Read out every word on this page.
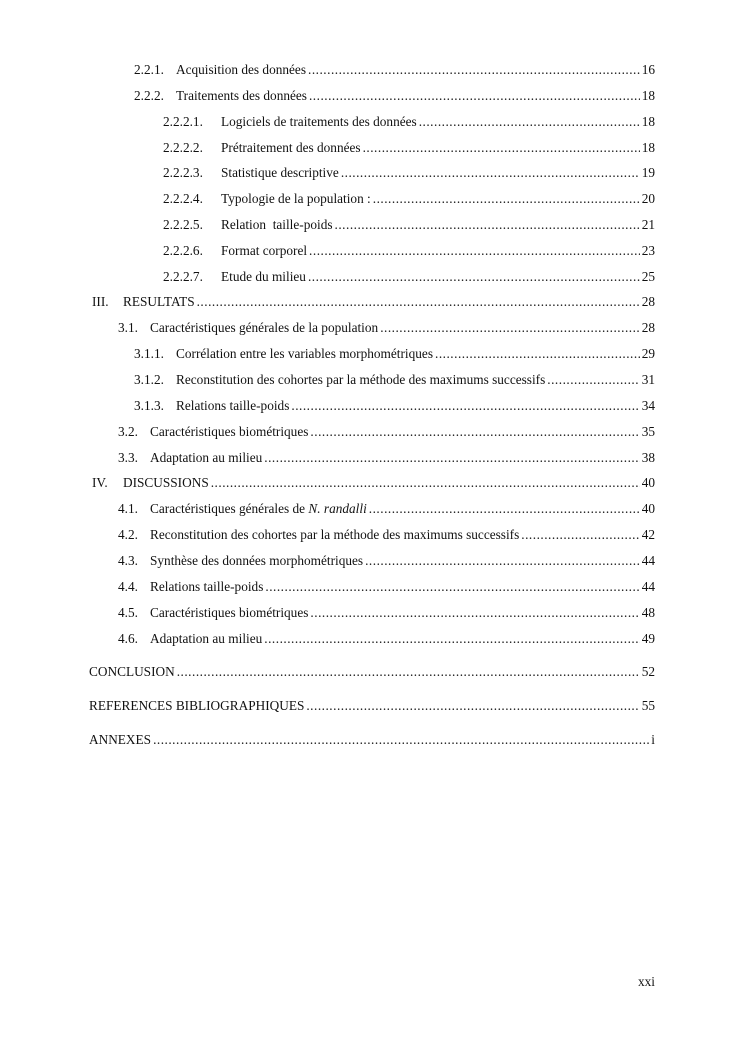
2.2.1. Acquisition des données .....	16
2.2.2. Traitements des données .....	18
2.2.2.1.	Logiciels de traitements des données .....	18
2.2.2.2.	Prétraitement des données .....	18
2.2.2.3.	Statistique descriptive .....	19
2.2.2.4.	Typologie de la population : .....	20
2.2.2.5.	Relation  taille-poids .....	21
2.2.2.6.	Format corporel .....	23
2.2.2.7.	Etude du milieu .....	25
III.	RESULTATS .....	28
3.1. Caractéristiques générales de la population .....	28
3.1.1. Corrélation entre les variables morphométriques .....	29
3.1.2. Reconstitution des cohortes par la méthode des maximums successifs .....	31
3.1.3. Relations taille-poids .....	34
3.2. Caractéristiques biométriques .....	35
3.3. Adaptation au milieu .....	38
IV.	DISCUSSIONS .....	40
4.1. Caractéristiques générales de N. randalli .....	40
4.2. Reconstitution des cohortes par la méthode des maximums successifs .....	42
4.3. Synthèse des données morphométriques .....	44
4.4. Relations taille-poids .....	44
4.5. Caractéristiques biométriques .....	48
4.6. Adaptation au milieu .....	49
CONCLUSION .....	52
REFERENCES BIBLIOGRAPHIQUES .....	55
ANNEXES .....	i
xxi
